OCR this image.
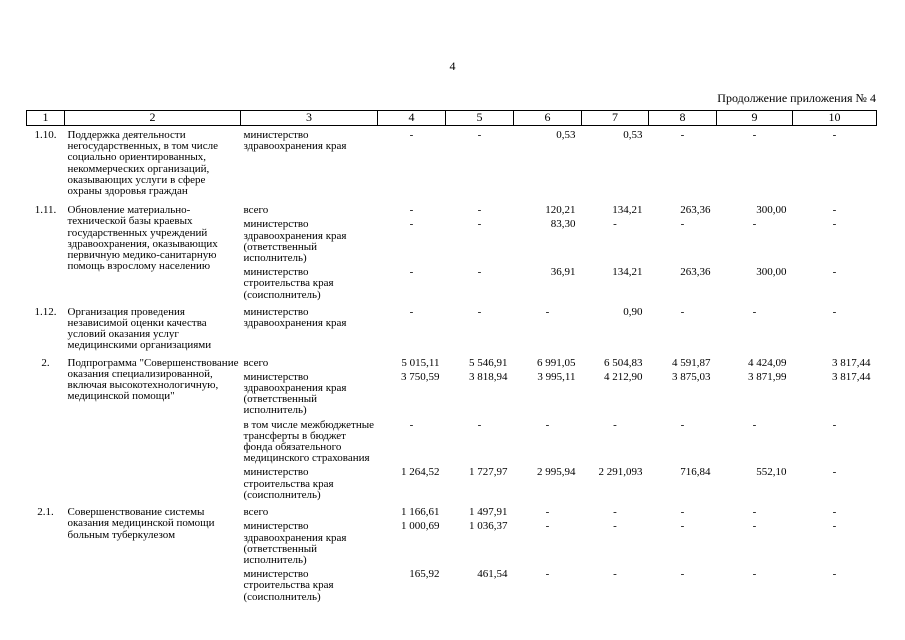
4
Продолжение приложения № 4
1	2	3	4	5	6	7	8	9	10
1.10.	Поддержка деятельности негосударственных, в том числе социально ориентированных, некоммерческих организаций, оказывающих услуги в сфере охраны здоровья граждан	министерство здравоохранения края	-	-	0,53	0,53	-	-	-
1.11.	Обновление материально-технической базы краевых государственных учреждений здравоохранения, оказывающих первичную медико-санитарную помощь взрослому населению	всего	-	-	120,21	134,21	263,36	300,00	-
		министерство здравоохранения края (ответственный исполнитель)	-	-	83,30	-	-	-	-
		министерство строительства края (соисполнитель)	-	-	36,91	134,21	263,36	300,00	-
1.12.	Организация проведения независимой оценки качества условий оказания услуг медицинскими организациями	министерство здравоохранения края	-	-	-	0,90	-	-	-
2.	Подпрограмма "Совершенствование оказания специализированной, включая высокотехнологичную, медицинской помощи"	всего	5 015,11	5 546,91	6 991,05	6 504,83	4 591,87	4 424,09	3 817,44
		министерство здравоохранения края (ответственный исполнитель)	3 750,59	3 818,94	3 995,11	4 212,90	3 875,03	3 871,99	3 817,44
		в том числе межбюджетные трансферты в бюджет фонда обязательного медицинского страхования	-	-	-	-	-	-	-
		министерство строительства края (соисполнитель)	1 264,52	1 727,97	2 995,94	2 291,093	716,84	552,10	-
2.1.	Совершенствование системы оказания медицинской помощи больным туберкулезом	всего	1 166,61	1 497,91	-	-	-	-	-
		министерство здравоохранения края (ответственный исполнитель)	1 000,69	1 036,37	-	-	-	-	-
		министерство строительства края (соисполнитель)	165,92	461,54	-	-	-	-	-
